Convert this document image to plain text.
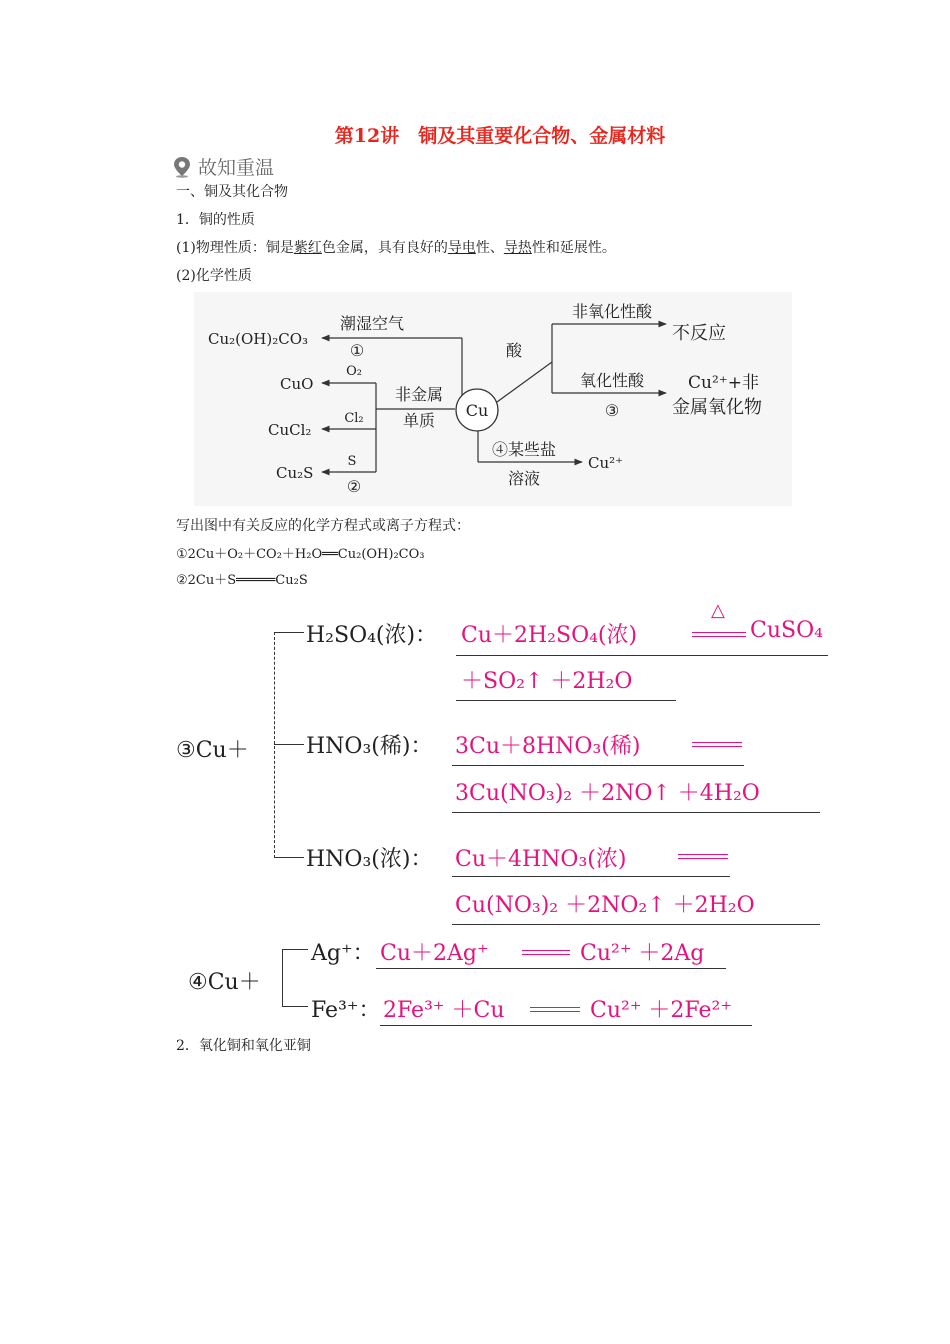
第12讲　铜及其重要化合物、金属材料
故知重温
一、铜及其化合物
1．铜的性质
(1)物理性质：铜是紫红色金属，具有良好的导电性、导热性和延展性。
(2)化学性质
Cu
潮湿空气
①
Cu₂(OH)₂CO₃
CuO
O₂
非金属
单质
Cl₂
CuCl₂
S
Cu₂S
②
酸
非氧化性酸
不反应
氧化性酸
③
Cu²⁺+非
金属氧化物
④某些盐
溶液
Cu²⁺
写出图中有关反应的化学方程式或离子方程式：
①2Cu＋O₂＋CO₂＋H₂O══Cu₂(OH)₂CO₃
②2Cu＋S═════Cu₂S
③Cu＋
H₂SO₄(浓)： Cu＋2H₂SO₄(浓)
△
CuSO₄
＋SO₂↑ ＋2H₂O
HNO₃(稀)： 3Cu＋8HNO₃(稀)
3Cu(NO₃)₂ ＋2NO↑ ＋4H₂O
HNO₃(浓)： Cu＋4HNO₃(浓)
Cu(NO₃)₂ ＋2NO₂↑ ＋2H₂O
④Cu＋
Ag⁺： Cu＋2Ag⁺	Cu²⁺ ＋2Ag
Fe³⁺： 2Fe³⁺ ＋Cu	Cu²⁺ ＋2Fe²⁺
2．氧化铜和氧化亚铜
